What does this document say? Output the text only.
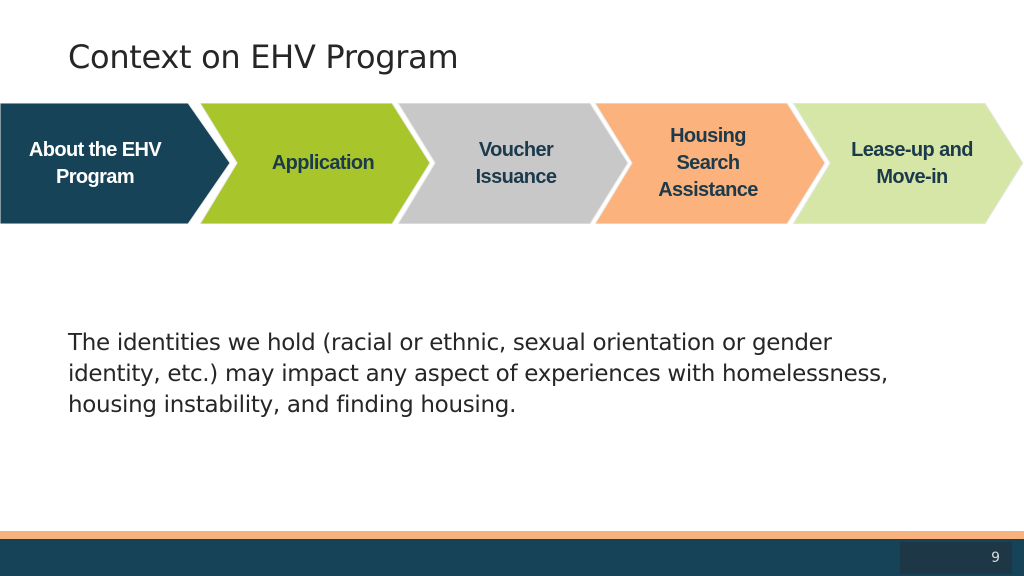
Context on EHV Program
About the EHV Program
Application
Voucher Issuance
Housing Search Assistance
Lease-up and Move-in
The identities we hold (racial or ethnic, sexual orientation or gender identity, etc.) may impact any aspect of experiences with homelessness, housing instability, and finding housing.
9
